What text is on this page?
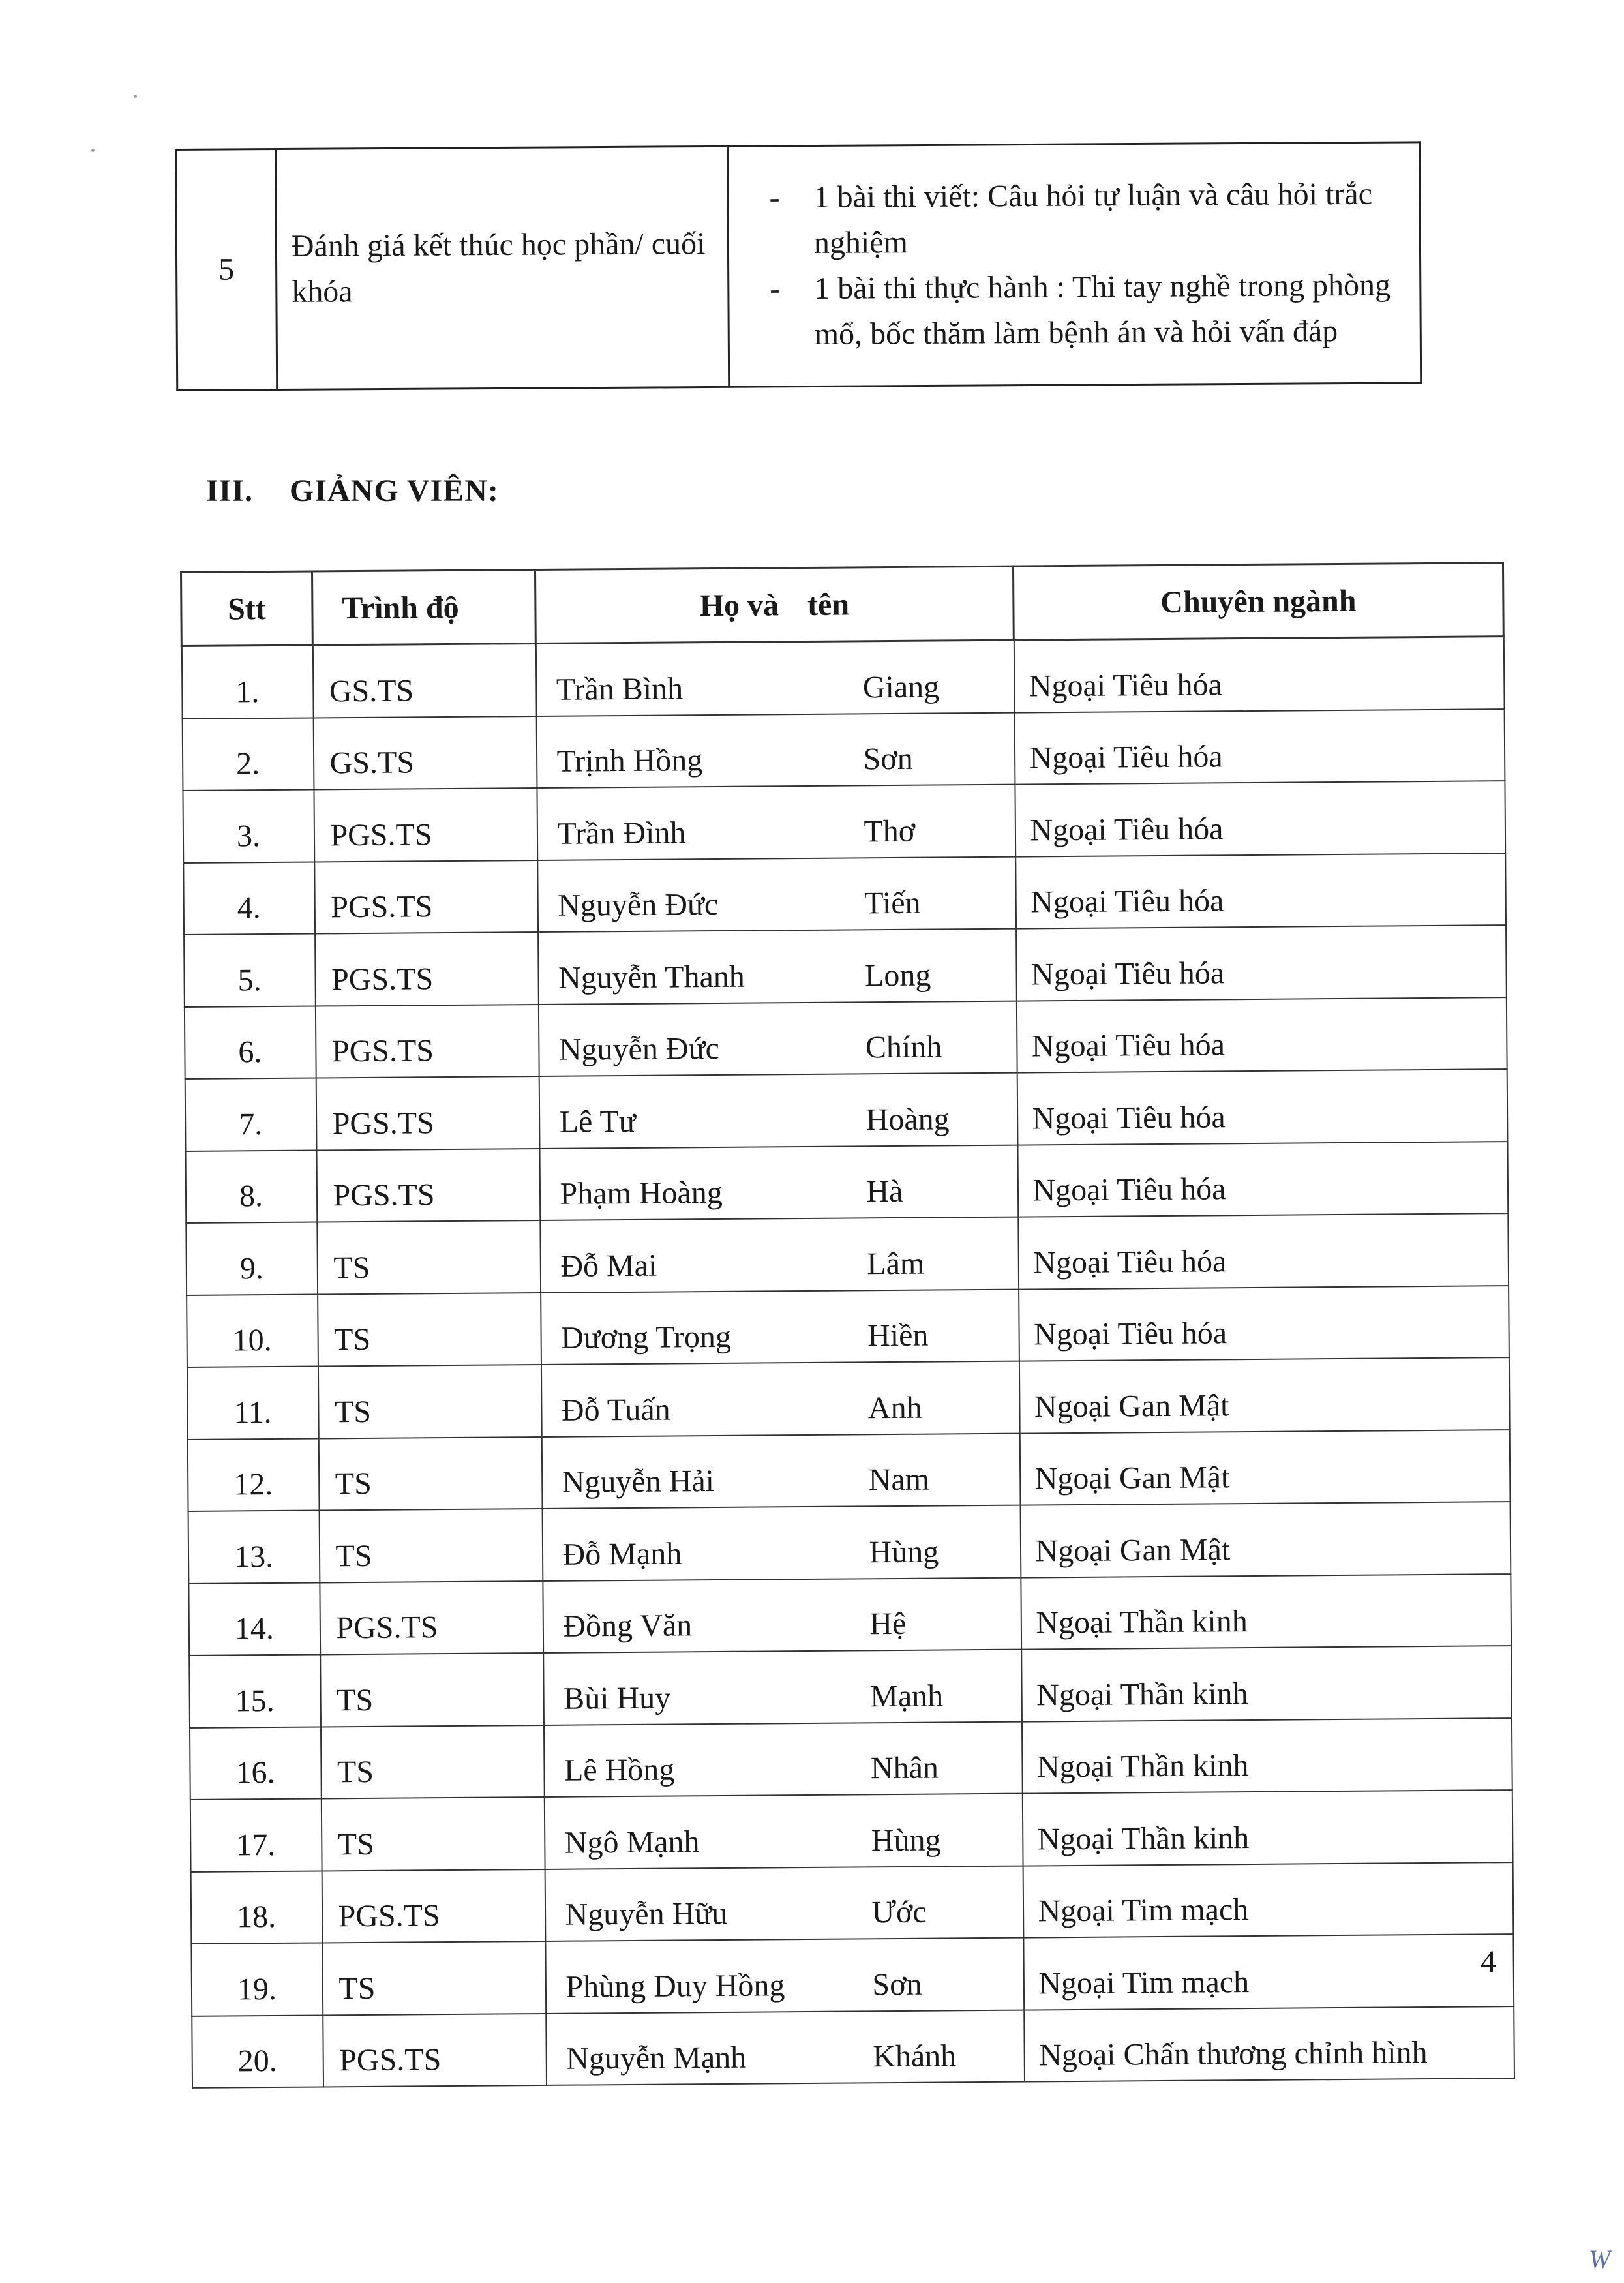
5	Đánh giá kết thúc học phần/ cuối khóa	
- 1 bài thi viết: Câu hỏi tự luận và câu hỏi trắc nghiệm
- 1 bài thi thực hành : Thi tay nghề trong phòng mổ, bốc thăm làm bệnh án và hỏi vấn đáp
III. GIẢNG VIÊN:
Stt	Trình độ	Họ và tên	Chuyên ngành
1.	GS.TS	Trần Bình Giang	Ngoại Tiêu hóa
2.	GS.TS	Trịnh Hồng Sơn	Ngoại Tiêu hóa
3.	PGS.TS	Trần Đình Thơ	Ngoại Tiêu hóa
4.	PGS.TS	Nguyễn Đức Tiến	Ngoại Tiêu hóa
5.	PGS.TS	Nguyễn Thanh Long	Ngoại Tiêu hóa
6.	PGS.TS	Nguyễn Đức Chính	Ngoại Tiêu hóa
7.	PGS.TS	Lê Tư Hoàng	Ngoại Tiêu hóa
8.	PGS.TS	Phạm Hoàng Hà	Ngoại Tiêu hóa
9.	TS	Đỗ Mai Lâm	Ngoại Tiêu hóa
10.	TS	Dương Trọng Hiền	Ngoại Tiêu hóa
11.	TS	Đỗ Tuấn Anh	Ngoại Gan Mật
12.	TS	Nguyễn Hải Nam	Ngoại Gan Mật
13.	TS	Đỗ Mạnh Hùng	Ngoại Gan Mật
14.	PGS.TS	Đồng Văn Hệ	Ngoại Thần kinh
15.	TS	Bùi Huy Mạnh	Ngoại Thần kinh
16.	TS	Lê Hồng Nhân	Ngoại Thần kinh
17.	TS	Ngô Mạnh Hùng	Ngoại Thần kinh
18.	PGS.TS	Nguyễn Hữu Ước	Ngoại Tim mạch
19.	TS	Phùng Duy Hồng Sơn	Ngoại Tim mạch
20.	PGS.TS	Nguyễn Mạnh Khánh	Ngoại Chấn thương chỉnh hình
4
W
